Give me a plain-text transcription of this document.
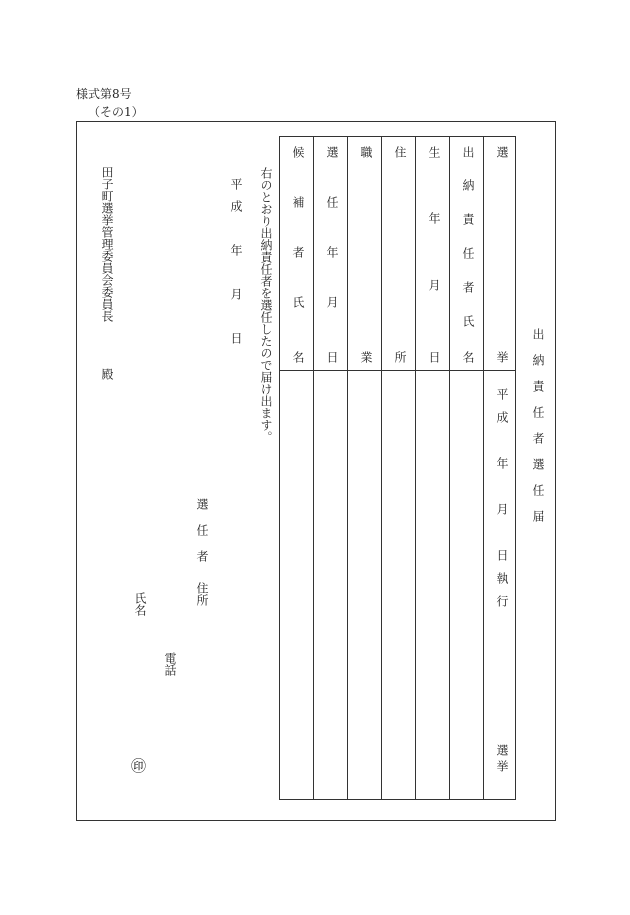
様式第8号
（その1）
出納責任者選任届
候
補者氏
名
選
任年月
日
職
業
住
所
生
年月
日
出
納責任者氏
名
選
挙
平成　年　月　日執行
選挙
右のとおり出納責任者を選任したので届け出ます。
平成　年　月　日
田子町選挙管理委員会委員長
殿
選任者
住所
氏名
電話
㊞
